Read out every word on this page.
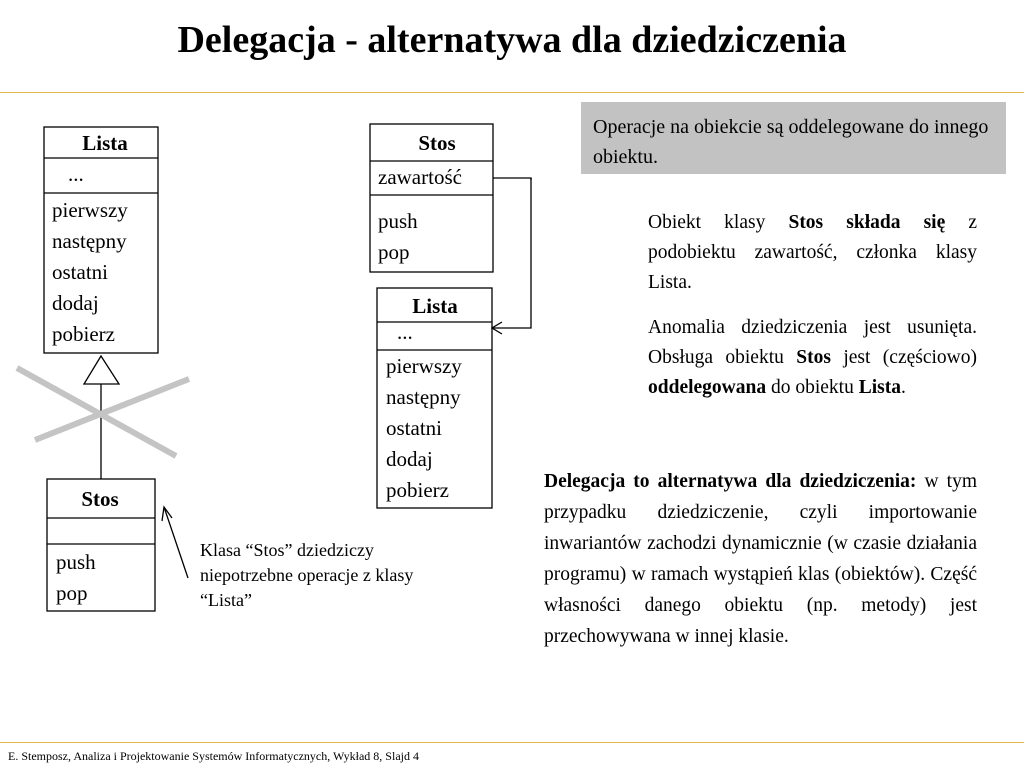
Delegacja - alternatywa dla dziedziczenia
Lista
...
pierwszy
następny
ostatni
dodaj
pobierz
Stos
push
pop
Stos
zawartość
push
pop
Lista
...
pierwszy
następny
ostatni
dodaj
pobierz
Klasa “Stos” dziedziczy
niepotrzebne operacje z klasy
“Lista”
Operacje na obiekcie są oddelegowane do innego obiektu.
Obiekt klasy Stos składa się z podobiektu zawartość, członka klasy Lista.
Anomalia dziedziczenia jest usunięta. Obsługa obiektu Stos jest (częściowo) oddelegowana do obiektu Lista.
Delegacja to alternatywa dla dziedziczenia: w tym przypadku dziedziczenie, czyli importowanie inwariantów zachodzi dynamicznie (w czasie działania programu) w ramach wystąpień klas (obiektów). Część własności danego obiektu (np. metody) jest przechowywana w innej klasie.
E. Stemposz, Analiza i Projektowanie Systemów Informatycznych, Wykład 8, Slajd 4
